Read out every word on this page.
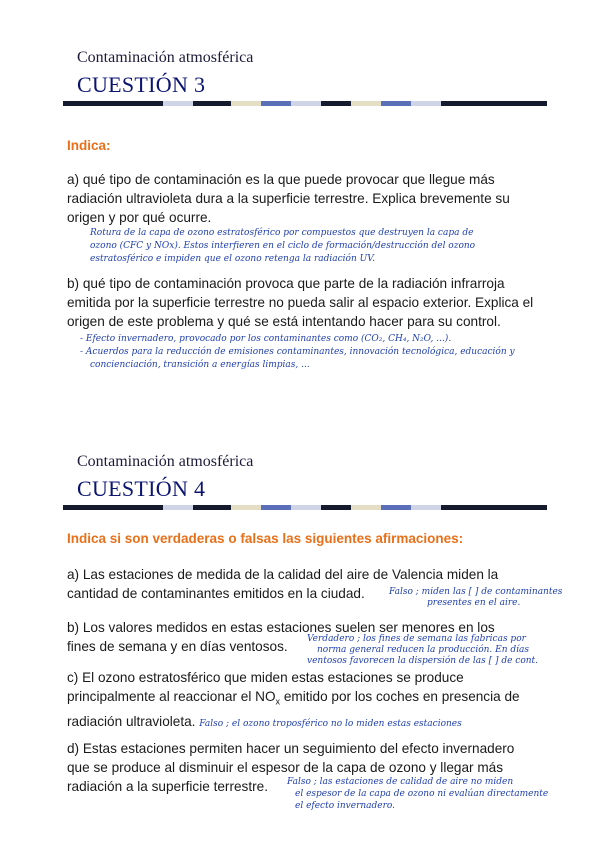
Contaminación atmosférica
CUESTIÓN 3
Indica:
a) qué tipo de contaminación es la que puede provocar que llegue más radiación ultravioleta dura a la superficie terrestre. Explica brevemente su origen y por qué ocurre.
Rotura de la capa de ozono estratosférico por compuestos que destruyen la capa de
ozono (CFC y NOx). Estos interfieren en el ciclo de formación/destrucción del ozono
estratosférico e impiden que el ozono retenga la radiación UV.
b) qué tipo de contaminación provoca que parte de la radiación infrarroja emitida por la superficie terrestre no pueda salir al espacio exterior. Explica el origen de este problema y qué se está intentando hacer para su control.
- Efecto invernadero, provocado por los contaminantes como (CO₂, CH₄, N₂O, ...).
- Acuerdos para la reducción de emisiones contaminantes, innovación tecnológica, educación y
concienciación, transición a energías limpias, ...
Contaminación atmosférica
CUESTIÓN 4
Indica si son verdaderas o falsas las siguientes afirmaciones:
a) Las estaciones de medida de la calidad del aire de Valencia miden la
cantidad de contaminantes emitidos en la ciudad.	Falso ; miden las [ ] de contaminantes
presentes en el aire.
b) Los valores medidos en estas estaciones suelen ser menores en los
fines de semana y en días ventosos.	Verdadero ; los fines de semana las fabricas por
norma general reducen la producción. En días
ventosos favorecen la dispersión de las [ ] de cont.
c) El ozono estratosférico que miden estas estaciones se produce
principalmente al reaccionar el $NO_x$ emitido por los coches en presencia de
radiación ultravioleta. Falso ; el ozono troposférico no lo miden estas estaciones
d) Estas estaciones permiten hacer un seguimiento del efecto invernadero
que se produce al disminuir el espesor de la capa de ozono y llegar más
radiación a la superficie terrestre.	Falso ; las estaciones de calidad de aire no miden
el espesor de la capa de ozono ni evalúan directamente
el efecto invernadero.
